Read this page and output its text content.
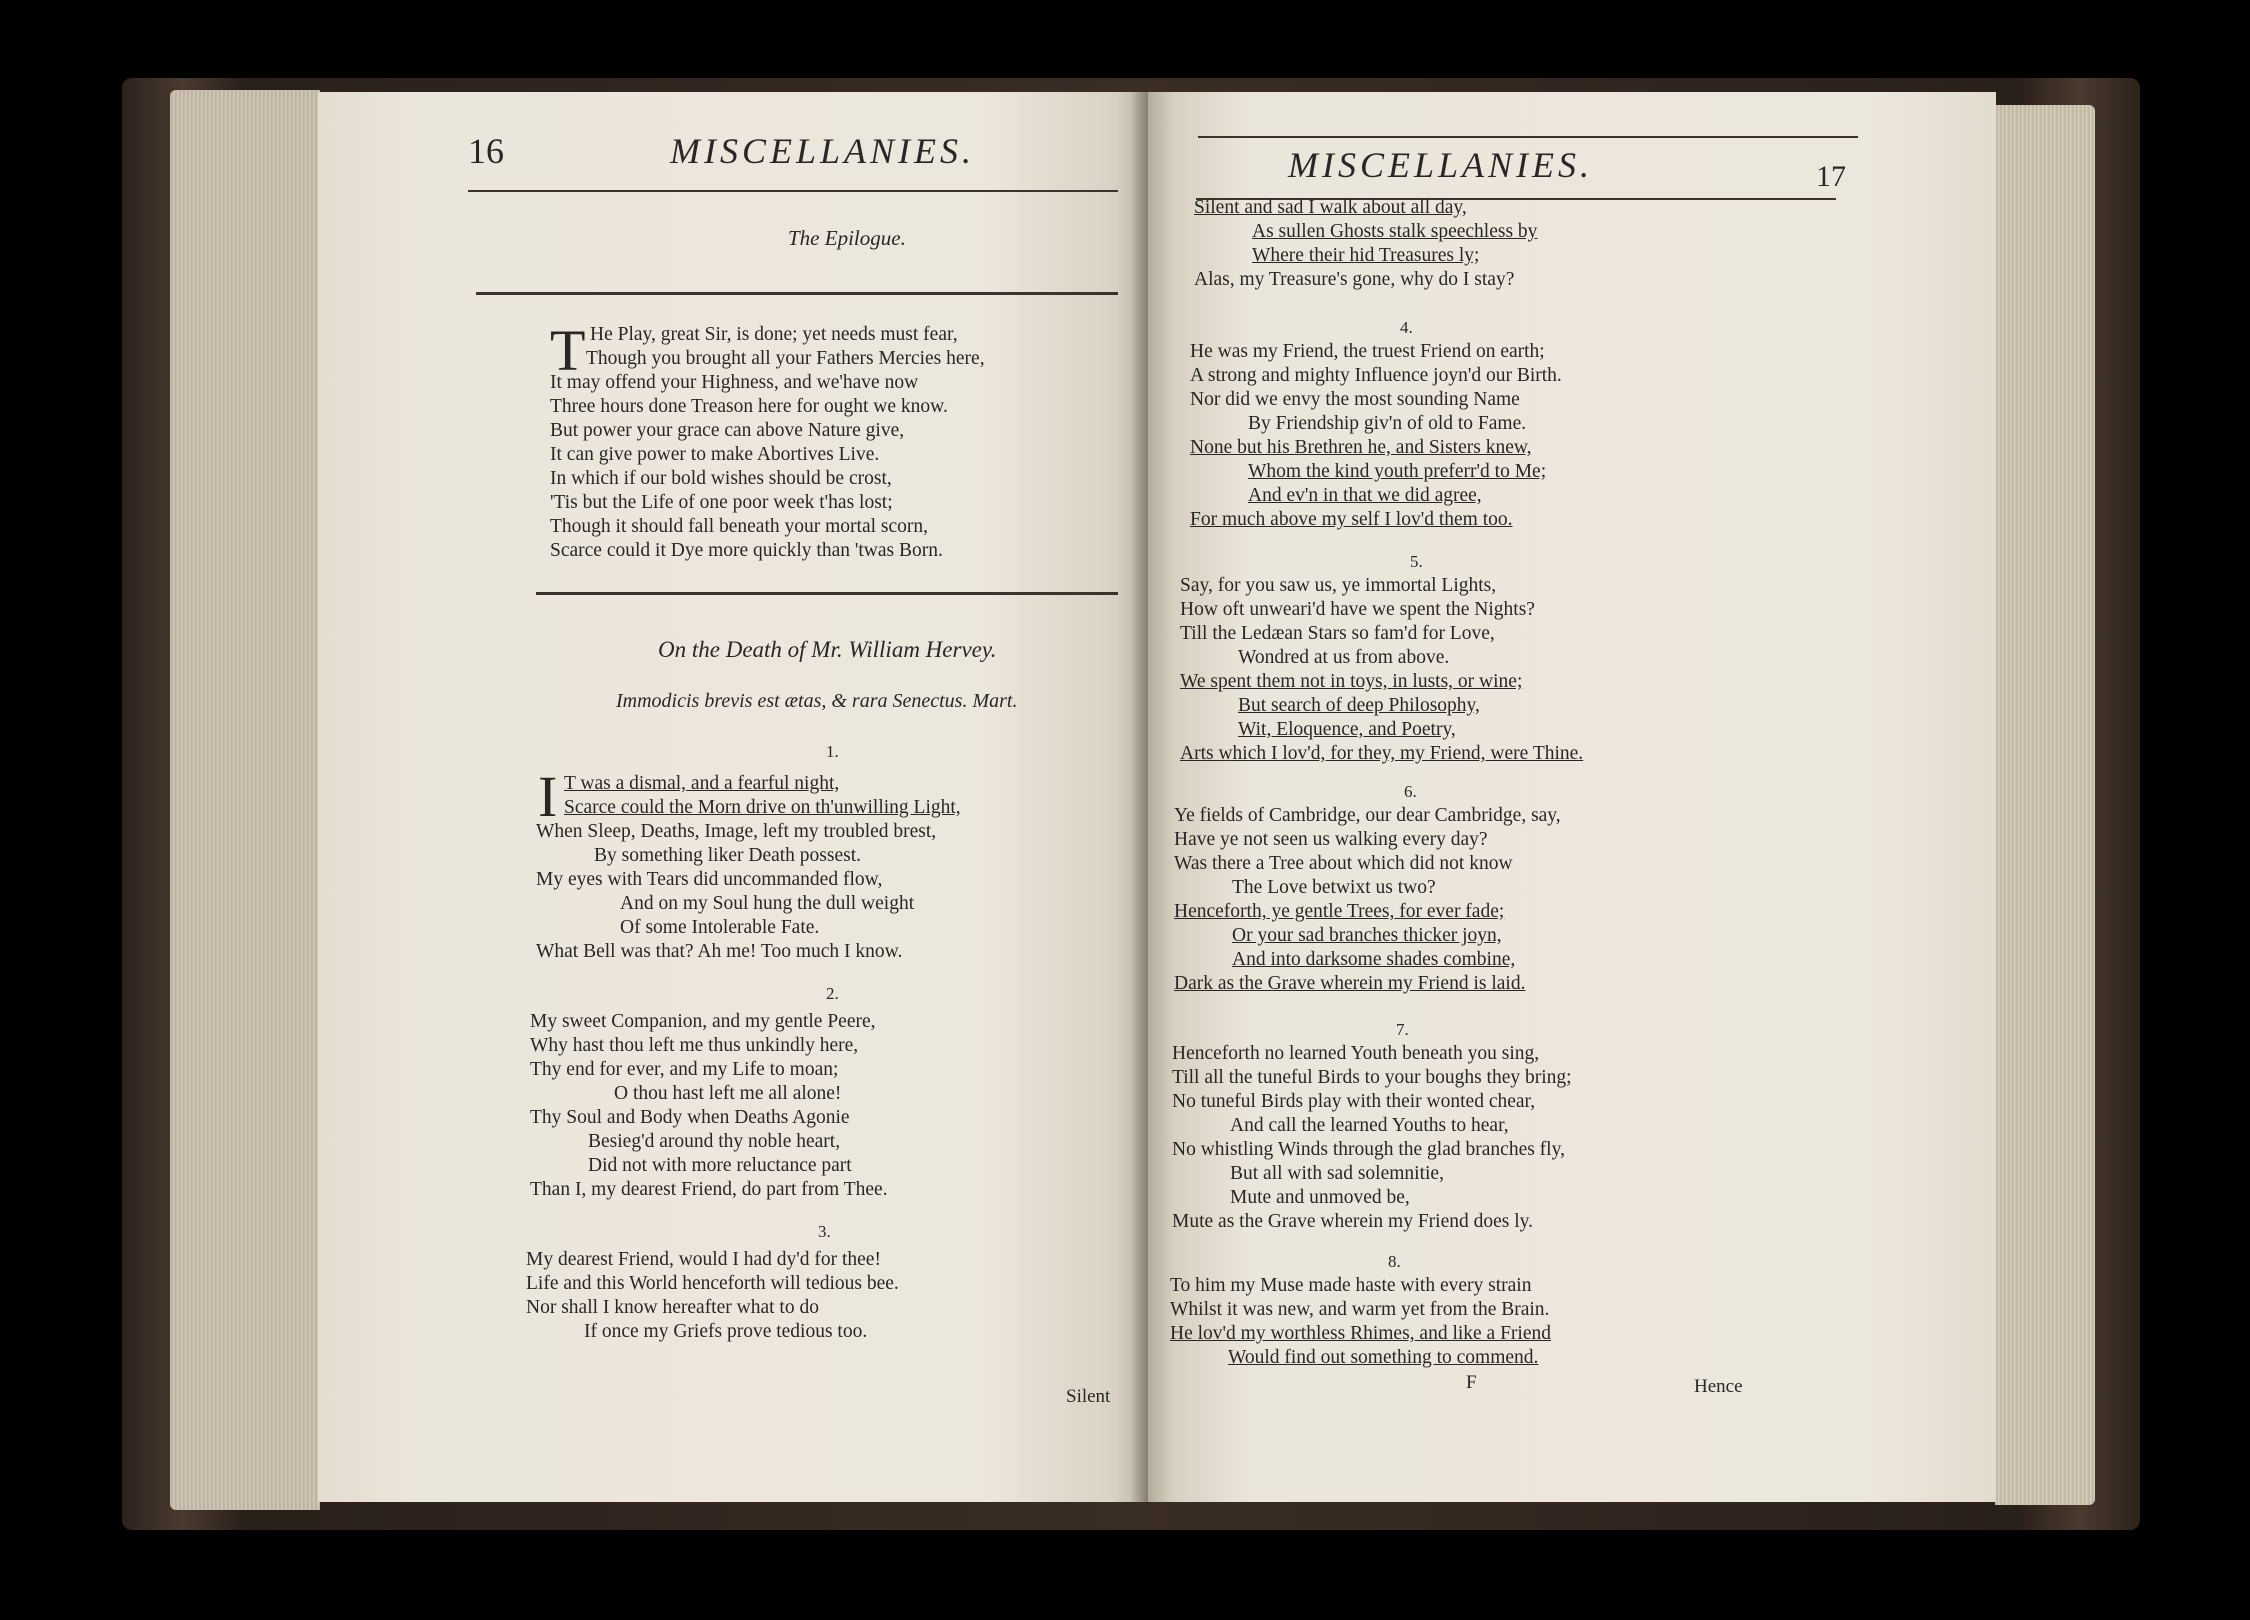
16	MISCELLANIES.
The Epilogue.
T He Play, great Sir, is done; yet needs must fear,
Though you brought all your Fathers Mercies here,
It may offend your Highness, and we'have now
Three hours done Treason here for ought we know.
But power your grace can above Nature give,
It can give power to make Abortives Live.
In which if our bold wishes should be crost,
'Tis but the Life of one poor week t'has lost;
Though it should fall beneath your mortal scorn,
Scarce could it Dye more quickly than 'twas Born.
On the Death of Mr. William Hervey.
Immodicis brevis est ætas, & rara Senectus. Mart.
1.
I T was a dismal, and a fearful night,
Scarce could the Morn drive on th'unwilling Light,
When Sleep, Deaths, Image, left my troubled brest,
By something liker Death possest.
My eyes with Tears did uncommanded flow,
And on my Soul hung the dull weight
Of some Intolerable Fate.
What Bell was that? Ah me! Too much I know.
2.
My sweet Companion, and my gentle Peere,
Why hast thou left me thus unkindly here,
Thy end for ever, and my Life to moan;
O thou hast left me all alone!
Thy Soul and Body when Deaths Agonie
Besieg'd around thy noble heart,
Did not with more reluctance part
Than I, my dearest Friend, do part from Thee.
3.
My dearest Friend, would I had dy'd for thee!
Life and this World henceforth will tedious bee.
Nor shall I know hereafter what to do
If once my Griefs prove tedious too.
Silent
MISCELLANIES.	17
Silent and sad I walk about all day,
As sullen Ghosts stalk speechless by
Where their hid Treasures ly;
Alas, my Treasure's gone, why do I stay?
4.
He was my Friend, the truest Friend on earth;
A strong and mighty Influence joyn'd our Birth.
Nor did we envy the most sounding Name
By Friendship giv'n of old to Fame.
None but his Brethren he, and Sisters knew,
Whom the kind youth preferr'd to Me;
And ev'n in that we did agree,
For much above my self I lov'd them too.
5.
Say, for you saw us, ye immortal Lights,
How oft unweari'd have we spent the Nights?
Till the Ledæan Stars so fam'd for Love,
Wondred at us from above.
We spent them not in toys, in lusts, or wine;
But search of deep Philosophy,
Wit, Eloquence, and Poetry,
Arts which I lov'd, for they, my Friend, were Thine.
6.
Ye fields of Cambridge, our dear Cambridge, say,
Have ye not seen us walking every day?
Was there a Tree about which did not know
The Love betwixt us two?
Henceforth, ye gentle Trees, for ever fade;
Or your sad branches thicker joyn,
And into darksome shades combine,
Dark as the Grave wherein my Friend is laid.
7.
Henceforth no learned Youth beneath you sing,
Till all the tuneful Birds to your boughs they bring;
No tuneful Birds play with their wonted chear,
And call the learned Youths to hear,
No whistling Winds through the glad branches fly,
But all with sad solemnitie,
Mute and unmoved be,
Mute as the Grave wherein my Friend does ly.
8.
To him my Muse made haste with every strain
Whilst it was new, and warm yet from the Brain.
He lov'd my worthless Rhimes, and like a Friend
Would find out something to commend.
F	Hence
